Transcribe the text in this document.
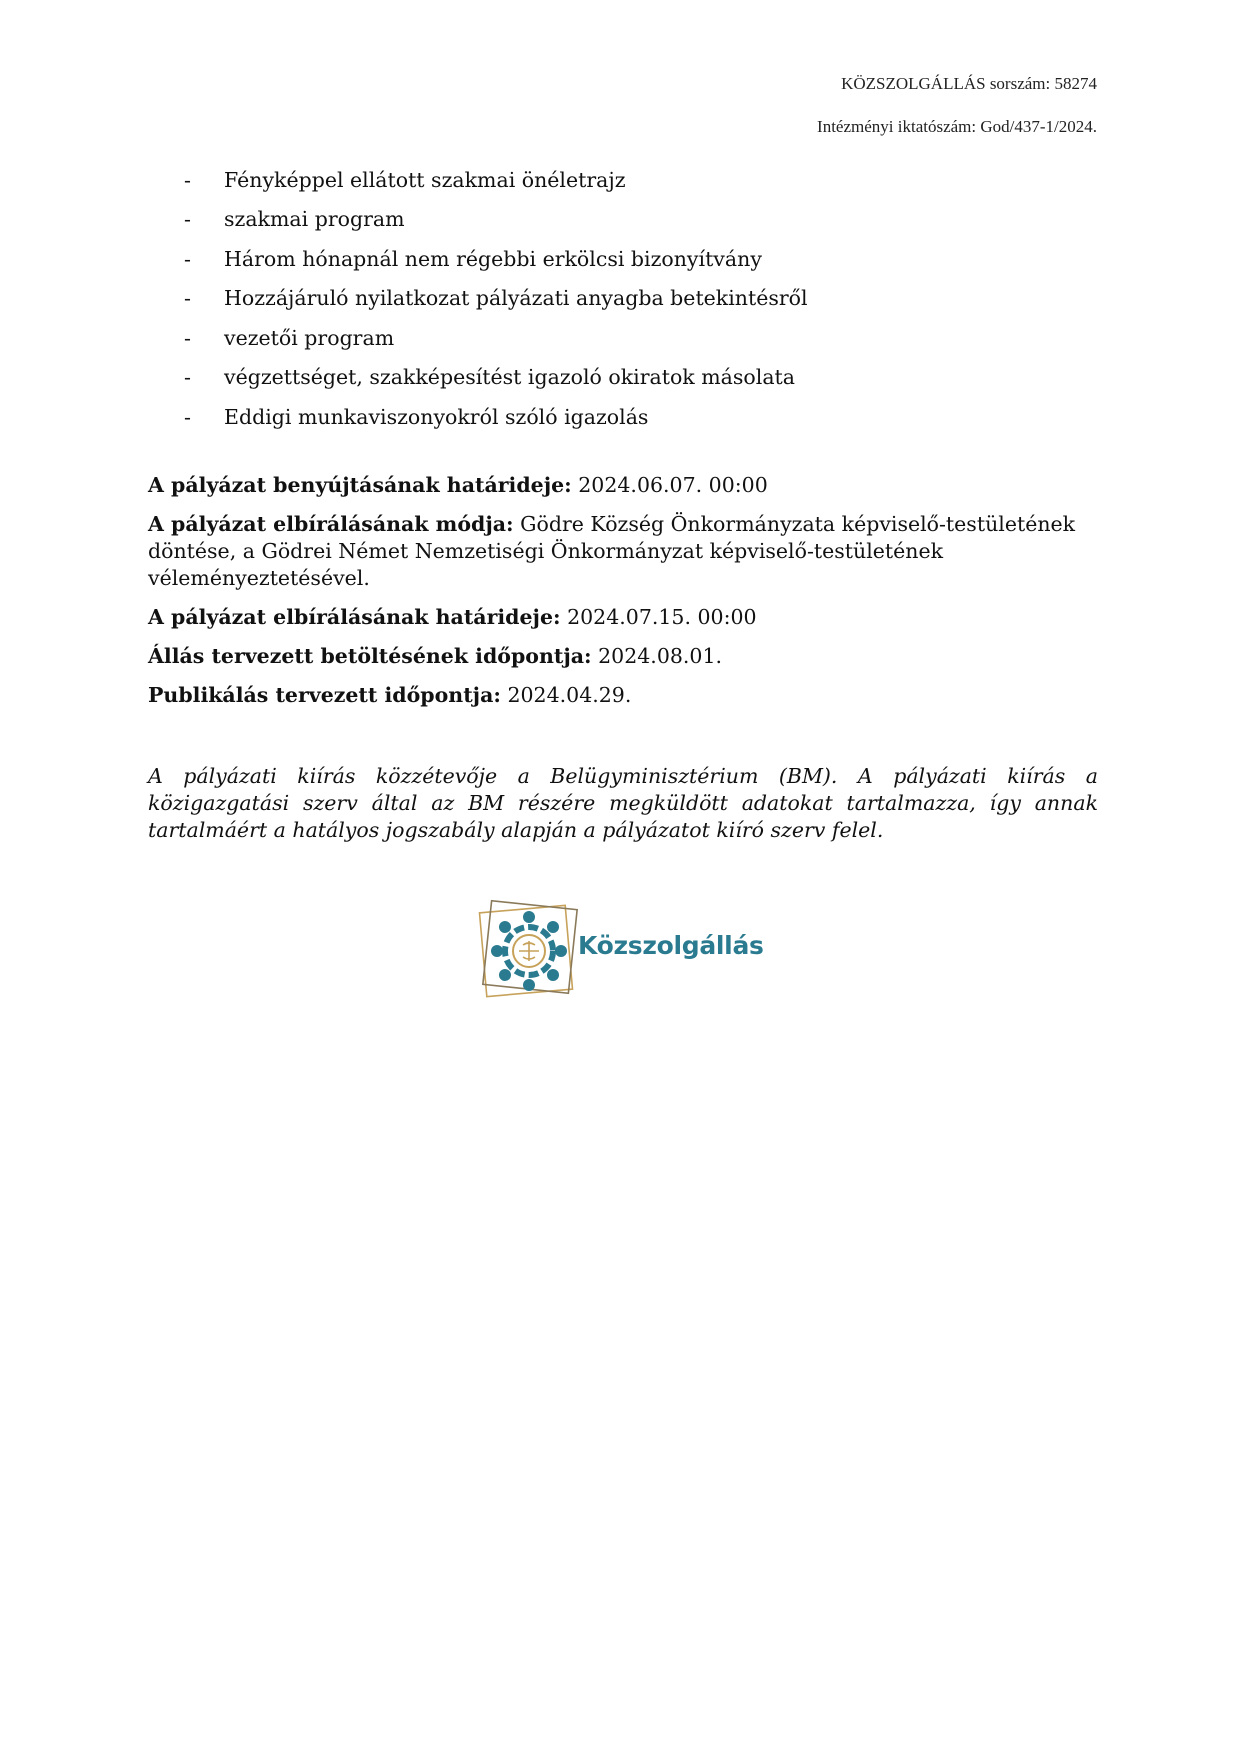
KÖZSZOLGÁLLÁS sorszám: 58274
Intézményi iktatószám: God/437-1/2024.
-	Fényképpel ellátott szakmai önéletrajz
-	szakmai program
-	Három hónapnál nem régebbi erkölcsi bizonyítvány
-	Hozzájáruló nyilatkozat pályázati anyagba betekintésről
-	vezetői program
-	végzettséget, szakképesítést igazoló okiratok másolata
-	Eddigi munkaviszonyokról szóló igazolás
A pályázat benyújtásának határideje: 2024.06.07. 00:00
A pályázat elbírálásának módja: Gödre Község Önkormányzata képviselő-testületének döntése, a Gödrei Német Nemzetiségi Önkormányzat képviselő-testületének véleményeztetésével.
A pályázat elbírálásának határideje: 2024.07.15. 00:00
Állás tervezett betöltésének időpontja: 2024.08.01.
Publikálás tervezett időpontja: 2024.04.29.
A pályázati kiírás közzétevője a Belügyminisztérium (BM). A pályázati kiírás a közigazgatási szerv által az BM részére megküldött adatokat tartalmazza, így annak tartalmáért a hatályos jogszabály alapján a pályázatot kiíró szerv felel.
Közszolgállás
